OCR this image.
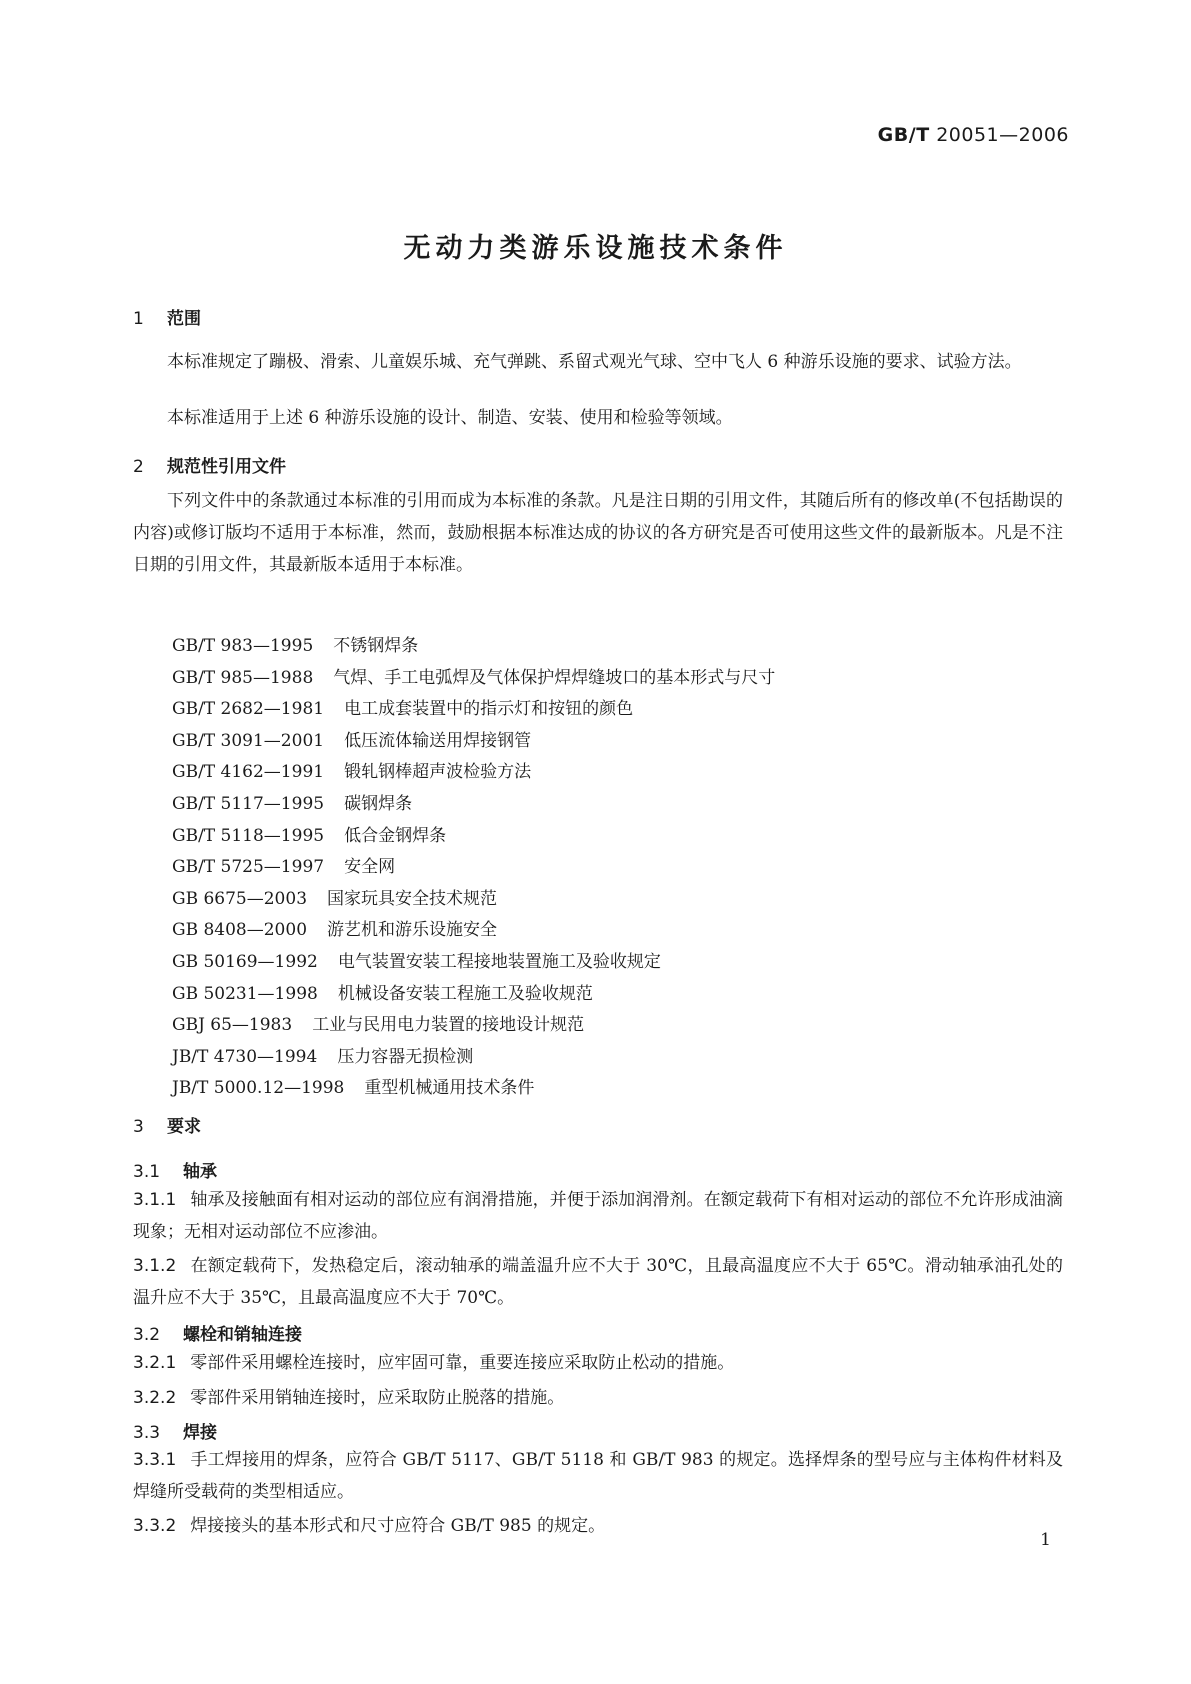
GB/T 20051—2006
无动力类游乐设施技术条件
1 范围
本标准规定了蹦极、滑索、儿童娱乐城、充气弹跳、系留式观光气球、空中飞人 6 种游乐设施的要求、试验方法。
本标准适用于上述 6 种游乐设施的设计、制造、安装、使用和检验等领域。
2 规范性引用文件
下列文件中的条款通过本标准的引用而成为本标准的条款。凡是注日期的引用文件，其随后所有的修改单(不包括勘误的内容)或修订版均不适用于本标准，然而，鼓励根据本标准达成的协议的各方研究是否可使用这些文件的最新版本。凡是不注日期的引用文件，其最新版本适用于本标准。
GB/T 983—1995 不锈钢焊条
GB/T 985—1988 气焊、手工电弧焊及气体保护焊焊缝坡口的基本形式与尺寸
GB/T 2682—1981 电工成套装置中的指示灯和按钮的颜色
GB/T 3091—2001 低压流体输送用焊接钢管
GB/T 4162—1991 锻轧钢棒超声波检验方法
GB/T 5117—1995 碳钢焊条
GB/T 5118—1995 低合金钢焊条
GB/T 5725—1997 安全网
GB 6675—2003 国家玩具安全技术规范
GB 8408—2000 游艺机和游乐设施安全
GB 50169—1992 电气装置安装工程接地装置施工及验收规定
GB 50231—1998 机械设备安装工程施工及验收规范
GBJ 65—1983 工业与民用电力装置的接地设计规范
JB/T 4730—1994 压力容器无损检测
JB/T 5000.12—1998 重型机械通用技术条件
3 要求
3.1 轴承
3.1.1 轴承及接触面有相对运动的部位应有润滑措施，并便于添加润滑剂。在额定载荷下有相对运动的部位不允许形成油滴现象；无相对运动部位不应渗油。
3.1.2 在额定载荷下，发热稳定后，滚动轴承的端盖温升应不大于 30℃，且最高温度应不大于 65℃。滑动轴承油孔处的温升应不大于 35℃，且最高温度应不大于 70℃。
3.2 螺栓和销轴连接
3.2.1 零部件采用螺栓连接时，应牢固可靠，重要连接应采取防止松动的措施。
3.2.2 零部件采用销轴连接时，应采取防止脱落的措施。
3.3 焊接
3.3.1 手工焊接用的焊条，应符合 GB/T 5117、GB/T 5118 和 GB/T 983 的规定。选择焊条的型号应与主体构件材料及焊缝所受载荷的类型相适应。
3.3.2 焊接接头的基本形式和尺寸应符合 GB/T 985 的规定。
1
